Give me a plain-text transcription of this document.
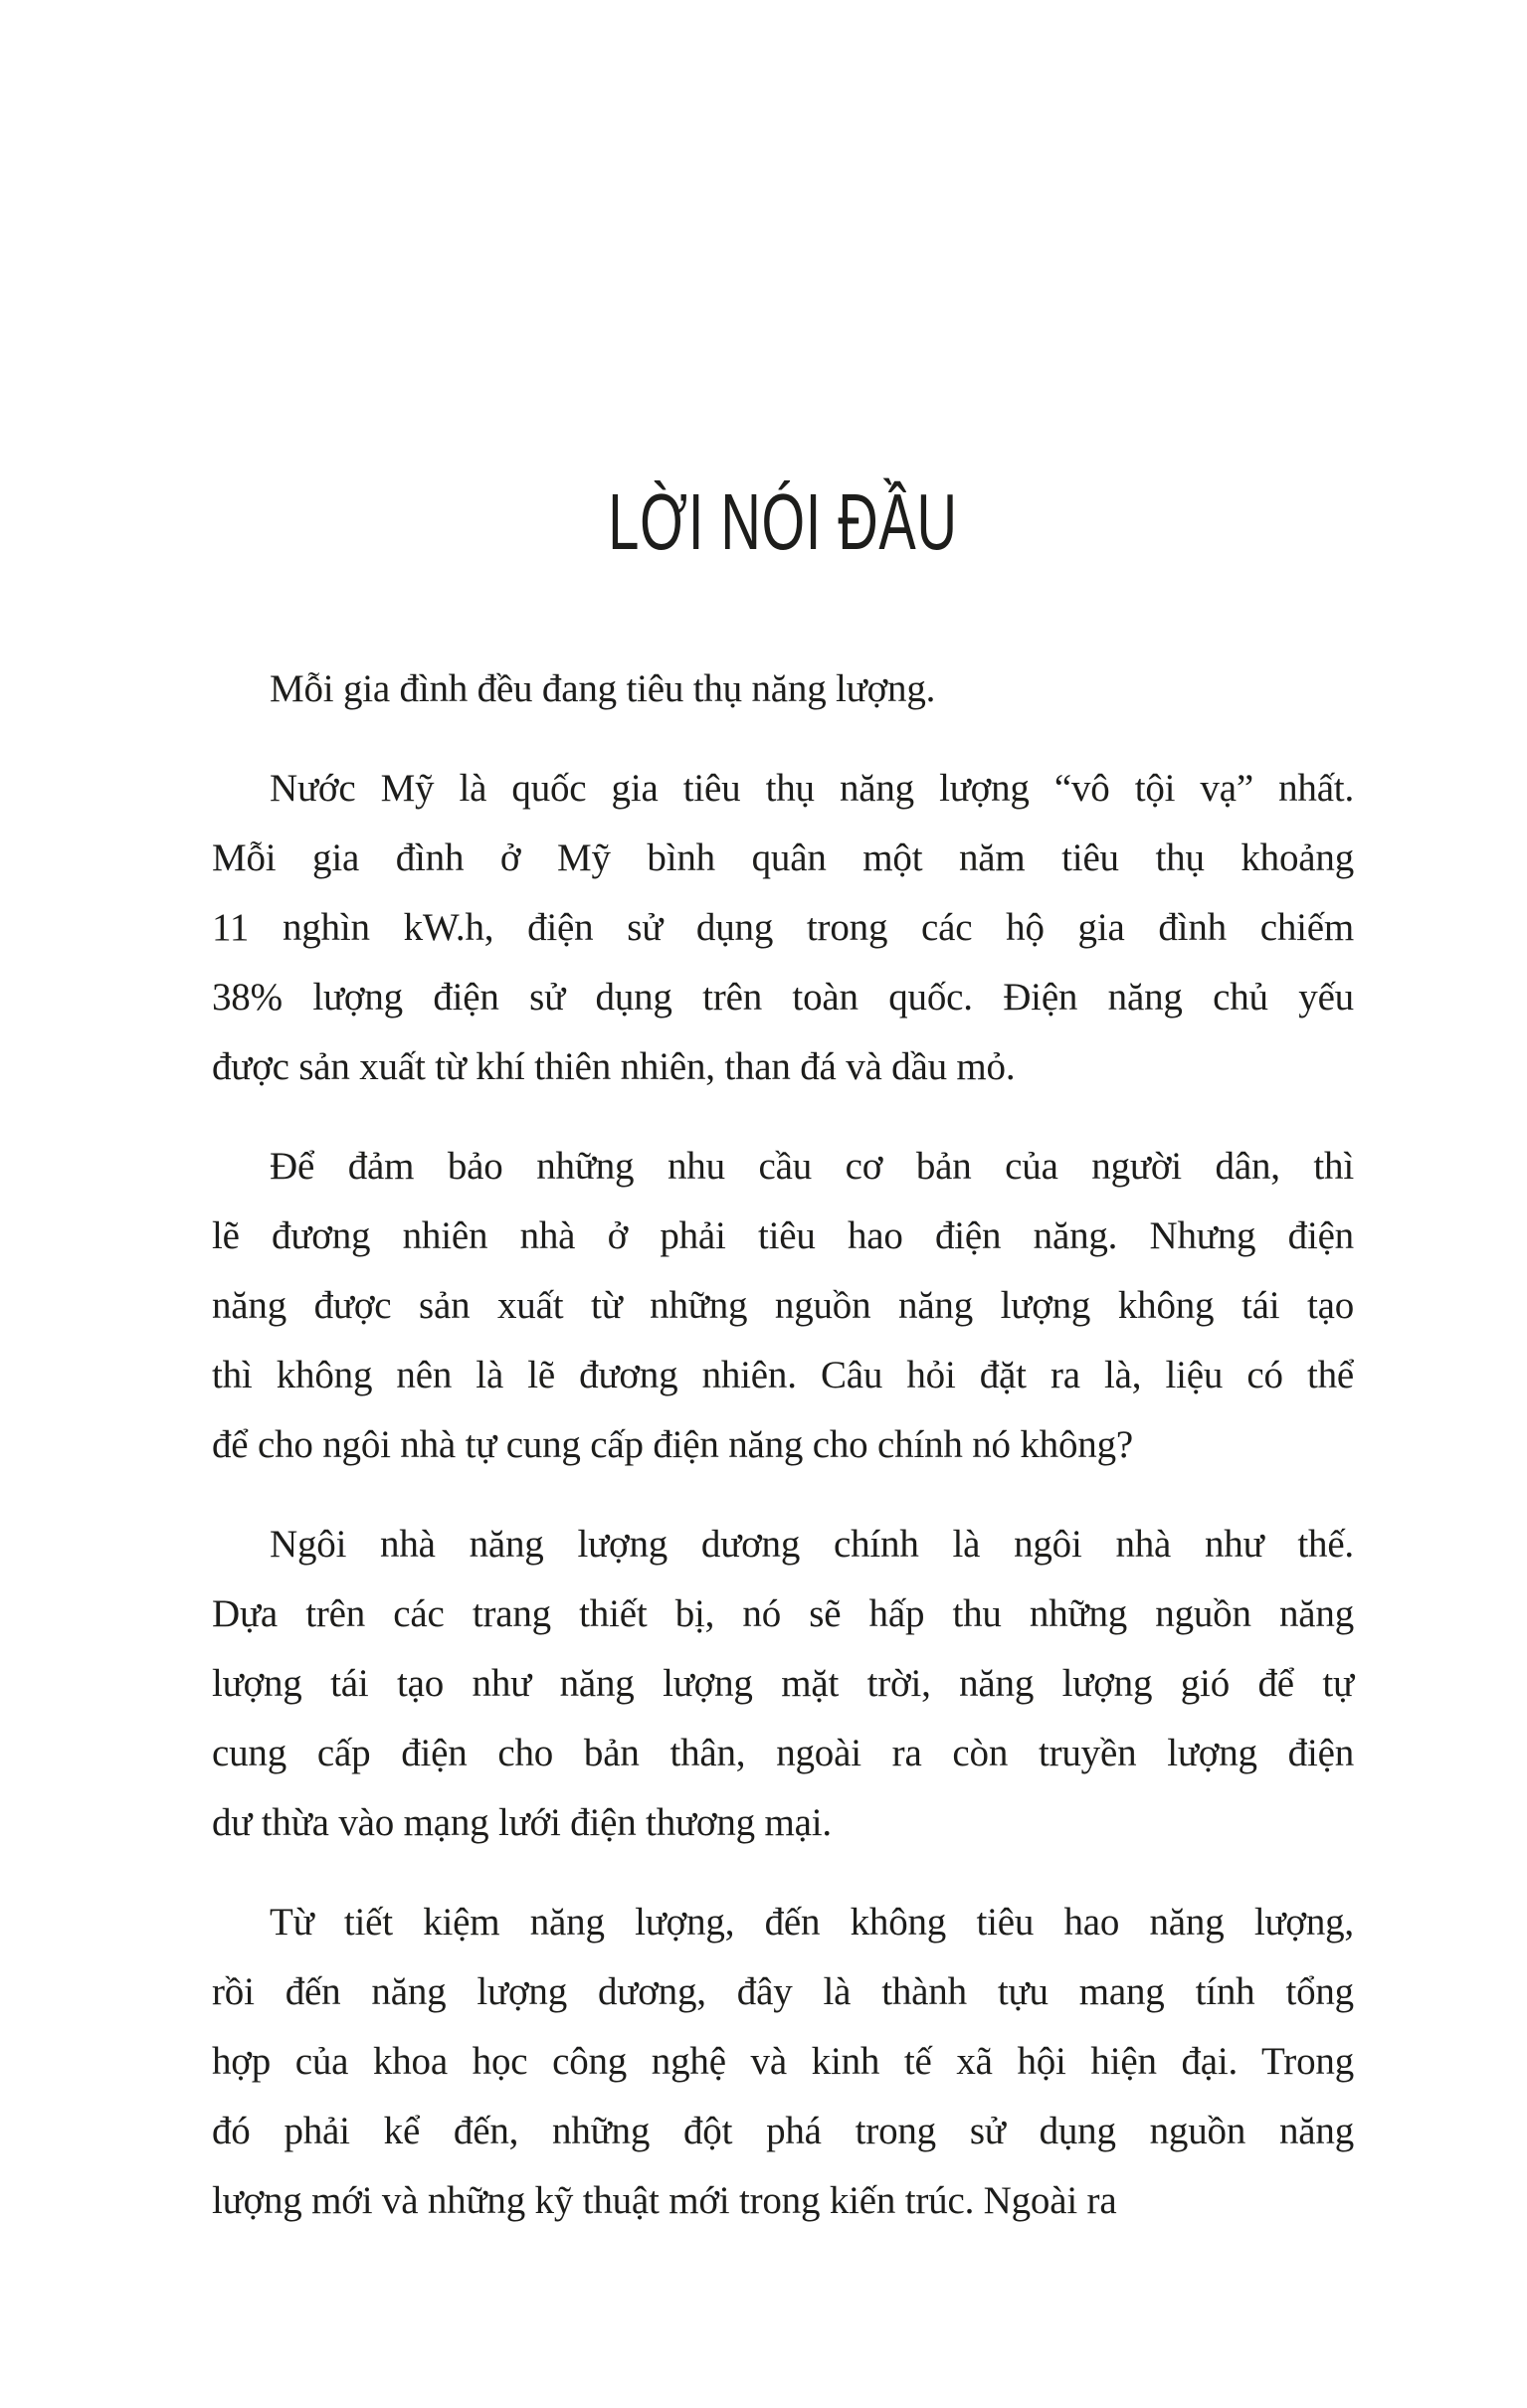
LỜI NÓI ĐẦU
Mỗi gia đình đều đang tiêu thụ năng lượng.
Nước Mỹ là quốc gia tiêu thụ năng lượng “vô tội vạ” nhất.
Mỗi gia đình ở Mỹ bình quân một năm tiêu thụ khoảng
11 nghìn kW.h, điện sử dụng trong các hộ gia đình chiếm
38% lượng điện sử dụng trên toàn quốc. Điện năng chủ yếu
được sản xuất từ khí thiên nhiên, than đá và dầu mỏ.
Để đảm bảo những nhu cầu cơ bản của người dân, thì
lẽ đương nhiên nhà ở phải tiêu hao điện năng. Nhưng điện
năng được sản xuất từ những nguồn năng lượng không tái tạo
thì không nên là lẽ đương nhiên. Câu hỏi đặt ra là, liệu có thể
để cho ngôi nhà tự cung cấp điện năng cho chính nó không?
Ngôi nhà năng lượng dương chính là ngôi nhà như thế.
Dựa trên các trang thiết bị, nó sẽ hấp thu những nguồn năng
lượng tái tạo như năng lượng mặt trời, năng lượng gió để tự
cung cấp điện cho bản thân, ngoài ra còn truyền lượng điện
dư thừa vào mạng lưới điện thương mại.
Từ tiết kiệm năng lượng, đến không tiêu hao năng lượng,
rồi đến năng lượng dương, đây là thành tựu mang tính tổng
hợp của khoa học công nghệ và kinh tế xã hội hiện đại. Trong
đó phải kể đến, những đột phá trong sử dụng nguồn năng
lượng mới và những kỹ thuật mới trong kiến trúc. Ngoài ra
